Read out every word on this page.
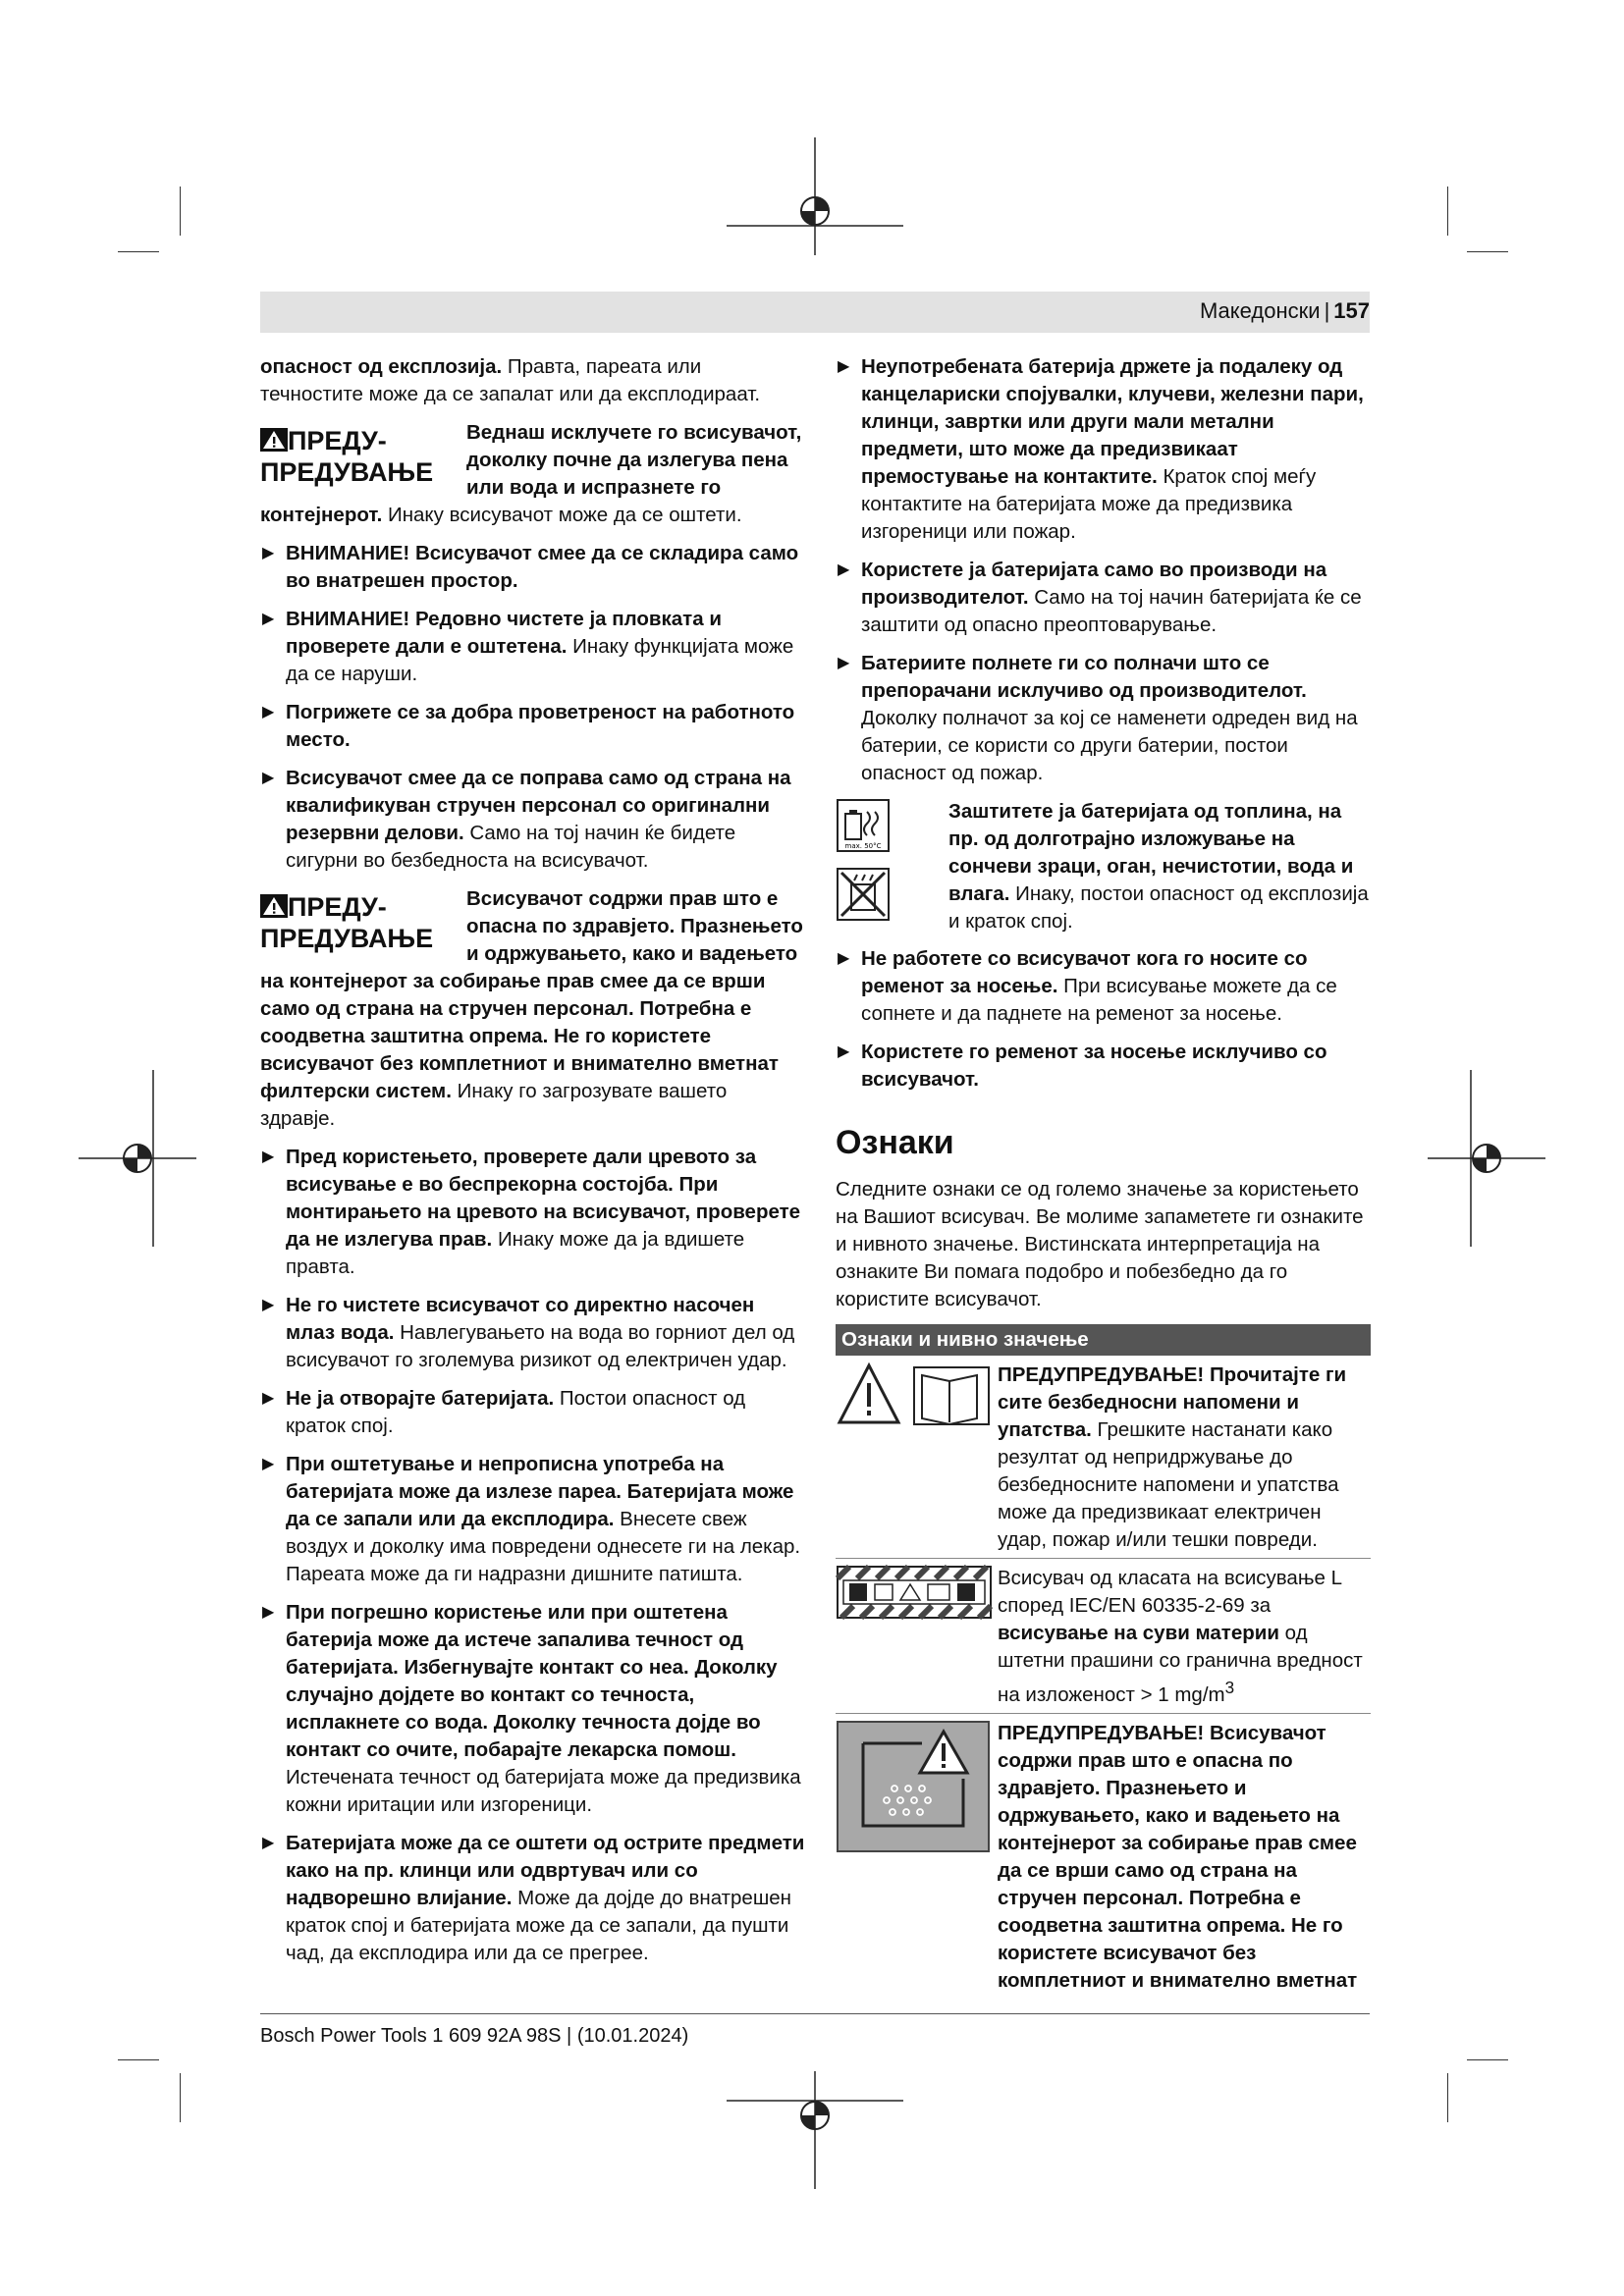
Македонски | 157

опасност од експлозија. Правта, пареата или течностите може да се запалат или да експлодираат.

ПРЕДУ-
ПРЕДУВАЊЕ

Веднаш исклучете го всисувачот, доколку почне да излегува пена или вода и испразнете го контејнерот. Инаку всисувачот може да се оштети.

▶ ВНИМАНИЕ! Всисувачот смее да се складира само во внатрешен простор.
▶ ВНИМАНИЕ! Редовно чистете ја пловката и проверете дали е оштетена. Инаку функцијата може да се наруши.
▶ Погрижете се за добра проветреност на работното место.
▶ Всисувачот смее да се поправа само од страна на квалификуван стручен персонал со оригинални резервни делови. Само на тој начин ќе бидете сигурни во безбедноста на всисувачот.
ПРЕДУ-
ПРЕДУВАЊЕ

Всисувачот содржи прав што е опасна по здравјето. Празнењето и одржувањето, како и вадењето на контејнерот за собирање прав смее да се врши само од страна на стручен персонал. Потребна е соодветна заштитна опрема. Не го користете всисувачот без комплетниот и внимателно вметнат филтерски систем. Инаку го загрозувате вашето здравје.

▶ Пред користењето, проверете дали цревото за всисување е во беспрекорна состојба. При монтирањето на цревото на всисувачот, проверете да не излегува прав. Инаку може да ја вдишете правта.
▶ Не го чистете всисувачот со директно насочен млаз вода. Навлегувањето на вода во горниот дел од всисувачот го зголемува ризикот од електричен удар.
▶ Не ја отворајте батеријата. Постои опасност од краток спој.
▶ При оштетување и непрописна употреба на батеријата може да излезе пареа. Батеријата може да се запали или да експлодира. Внесете свеж воздух и доколку има повредени однесете ги на лекар. Пареата може да ги надразни дишните патишта.
▶ При погрешно користење или при оштетена батерија може да истече запалива течност од батеријата. Избегнувајте контакт со неа. Доколку случајно дојдете во контакт со течноста, исплакнете со вода. Доколку течноста дојде во контакт со очите, побарајте лекарска помош. Истечената течност од батеријата може да предизвика кожни иритации или изгореници.
▶ Батеријата може да се оштети од острите предмети како на пр. клинци или одвртувач или со надворешно влијание. Може да дојде до внатрешен краток спој и батеријата може да се запали, да пушти чад, да експлодира или да се прегрее.
▶ Неупотребената батерија држете ја подалеку од канцелариски спојувалки, клучеви, железни пари, клинци, завртки или други мали метални предмети, што може да предизвикаат премостување на контактите. Краток спој меѓу контактите на батеријата може да предизвика изгореници или пожар.
▶ Користете ја батеријата само во производи на производителот. Само на тој начин батеријата ќе се заштити од опасно преоптоварување.
▶ Батериите полнете ги со полначи што се препорачани исклучиво од производителот. Доколку полначот за кој се наменети одреден вид на батерии, се користи со други батерии, постои опасност од пожар.
max. 50°C
Заштитете ја батеријата од топлина, на пр. од долготрајно изложување на сончеви зраци, оган, нечистотии, вода и влага. Инаку, постои опасност од експлозија и краток спој.
▶ Не работете со всисувачот кога го носите со ременот за носење. При всисување можете да се сопнете и да паднете на ременот за носење.
▶ Користете го ременот за носење исклучиво со всисувачот.
Ознаки

Следните ознаки се од големо значење за користењето на Вашиот всисувач. Ве молиме запаметете ги ознаките и нивното значење. Вистинската интерпретација на ознаките Ви помага подобро и побезбедно да го користите всисувачот.

Ознаки и нивно значење
ПРЕДУПРЕДУВАЊЕ! Прочитајте ги сите безбедносни напомени и упатства. Грешките настанати како резултат од непридржување до безбедносните напомени и упатства може да предизвикаат електричен удар, пожар и/или тешки повреди.
Всисувач од класата на всисување L според IEC/EN 60335-2-69 за всисување на суви материи од штетни прашини со гранична вредност на изложеност > 1 $mg/m^3$
ПРЕДУПРЕДУВАЊЕ! Всисувачот содржи прав што е опасна по здравјето. Празнењето и одржувањето, како и вадењето на контејнерот за собирање прав смее да се врши само од страна на стручен персонал. Потребна е соодветна заштитна опрема. Не го користете всисувачот без комплетниот и внимателно вметнат
Bosch Power Tools 1 609 92A 98S | (10.01.2024)
